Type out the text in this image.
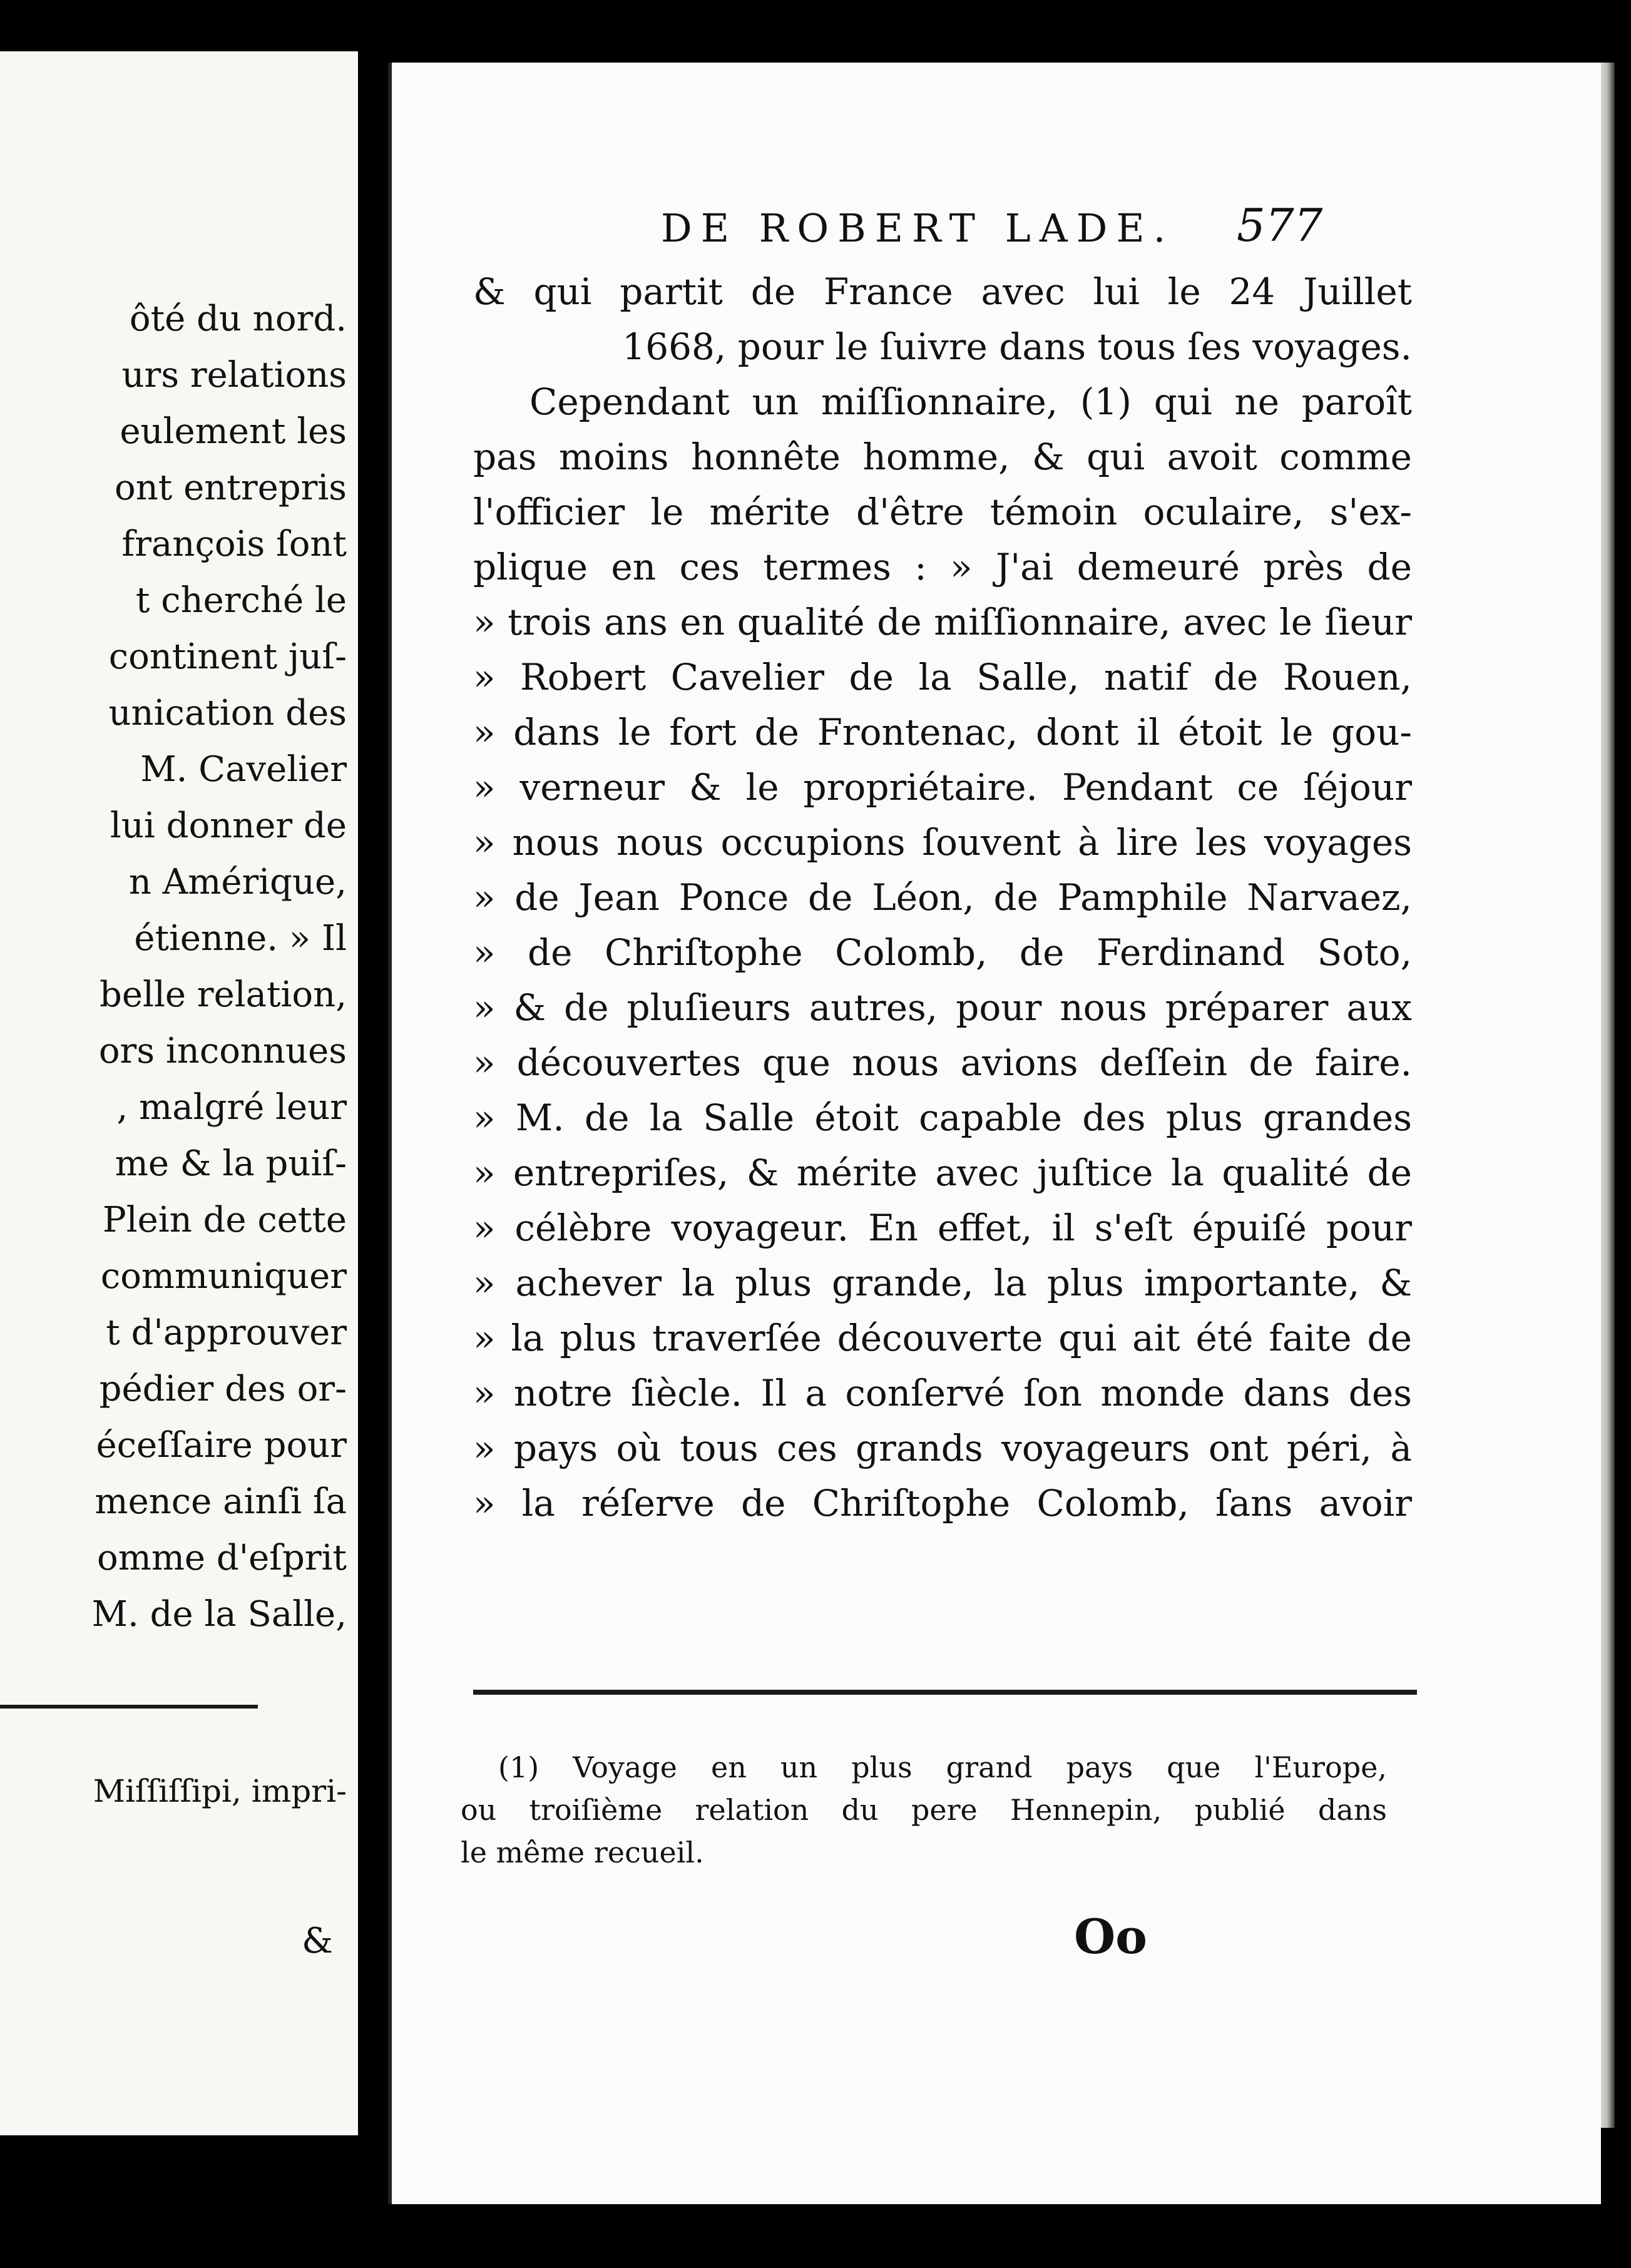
ôté du nord.
urs relations
eulement les
ont entrepris
françois ſont
t cherché le
continent juſ-
unication des
M. Cavelier
lui donner de
n Amérique,
étienne. » Il
belle relation,
ors inconnues
, malgré leur
me & la puiſ-
Plein de cette
communiquer
t d'approuver
pédier des or-
éceſſaire pour
mence ainſi ſa
omme d'eſprit
M. de la Salle,
Miſſiſſipi, impri-
&
DE ROBERT LADE. 577
& qui partit de France avec lui le 24 Juillet
1668, pour le ſuivre dans tous ſes voyages.
Cependant un miſſionnaire, (1) qui ne paroît
pas moins honnête homme, & qui avoit comme
l'officier le mérite d'être témoin oculaire, s'ex-
plique en ces termes : » J'ai demeuré près de
» trois ans en qualité de miſſionnaire, avec le ſieur
» Robert Cavelier de la Salle, natif de Rouen,
» dans le fort de Frontenac, dont il étoit le gou-
» verneur & le propriétaire. Pendant ce ſéjour
» nous nous occupions ſouvent à lire les voyages
» de Jean Ponce de Léon, de Pamphile Narvaez,
» de Chriſtophe Colomb, de Ferdinand Soto,
» & de pluſieurs autres, pour nous préparer aux
» découvertes que nous avions deſſein de faire.
» M. de la Salle étoit capable des plus grandes
» entrepriſes, & mérite avec juſtice la qualité de
» célèbre voyageur. En effet, il s'eſt épuiſé pour
» achever la plus grande, la plus importante, &
» la plus traverſée découverte qui ait été faite de
» notre ſiècle. Il a conſervé ſon monde dans des
» pays où tous ces grands voyageurs ont péri, à
» la réſerve de Chriſtophe Colomb, ſans avoir
(1) Voyage en un plus grand pays que l'Europe,
ou troiſième relation du pere Hennepin, publié dans
le même recueil.
Oo
